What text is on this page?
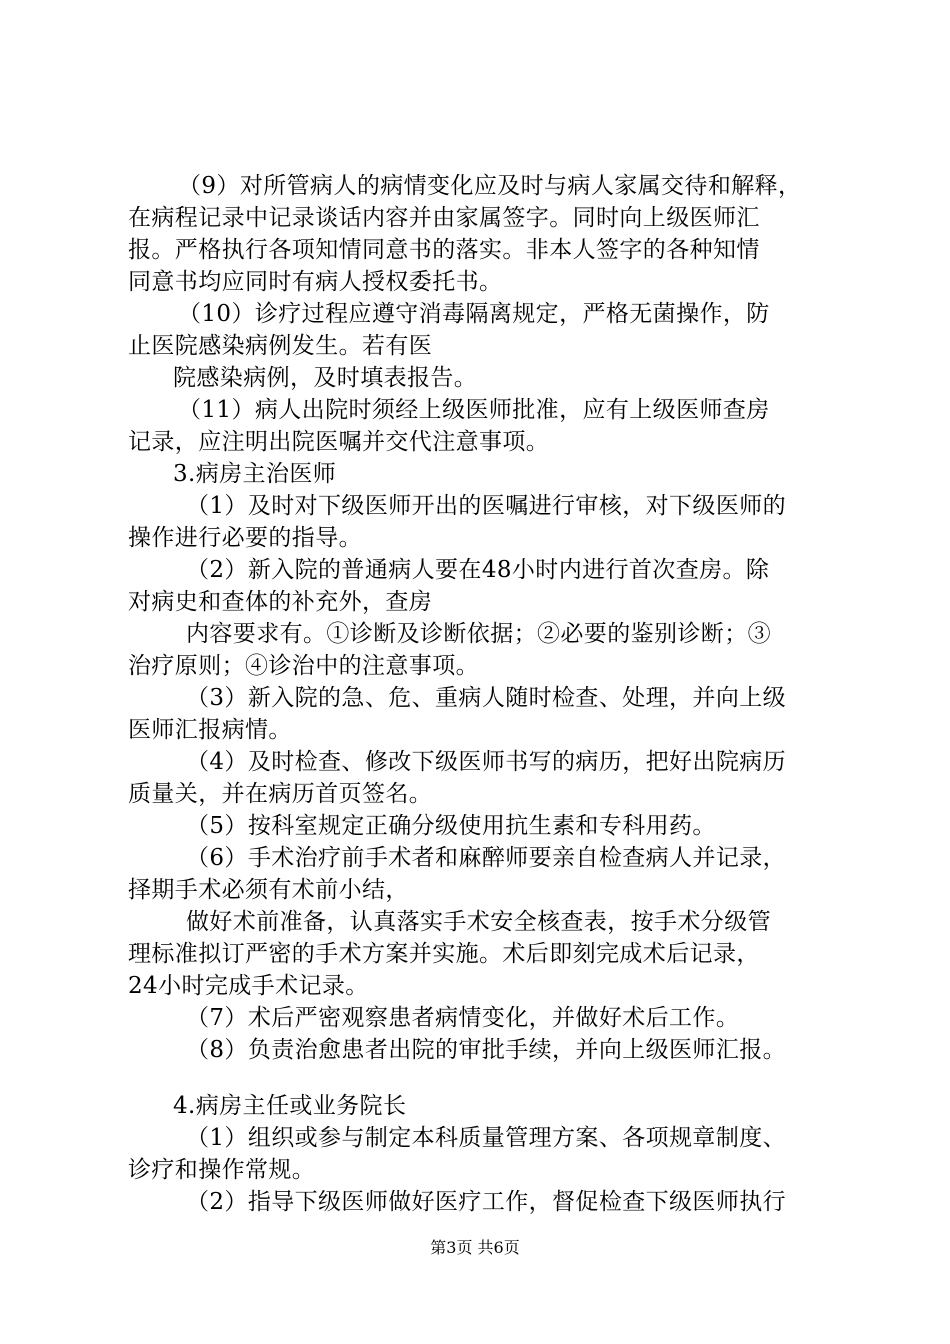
（9）对所管病人的病情变化应及时与病人家属交待和解释，
在病程记录中记录谈话内容并由家属签字。同时向上级医师汇
报。严格执行各项知情同意书的落实。非本人签字的各种知情
同意书均应同时有病人授权委托书。
（10）诊疗过程应遵守消毒隔离规定，严格无菌操作，防
止医院感染病例发生。若有医
院感染病例，及时填表报告。
（11）病人出院时须经上级医师批准，应有上级医师查房
记录，应注明出院医嘱并交代注意事项。
3.病房主治医师
（1）及时对下级医师开出的医嘱进行审核，对下级医师的
操作进行必要的指导。
（2）新入院的普通病人要在48小时内进行首次查房。除
对病史和查体的补充外，查房
内容要求有。①诊断及诊断依据；②必要的鉴别诊断；③
治疗原则；④诊治中的注意事项。
（3）新入院的急、危、重病人随时检查、处理，并向上级
医师汇报病情。
（4）及时检查、修改下级医师书写的病历，把好出院病历
质量关，并在病历首页签名。
（5）按科室规定正确分级使用抗生素和专科用药。
（6）手术治疗前手术者和麻醉师要亲自检查病人并记录，
择期手术必须有术前小结，
做好术前准备，认真落实手术安全核查表，按手术分级管
理标准拟订严密的手术方案并实施。术后即刻完成术后记录，
24小时完成手术记录。
（7）术后严密观察患者病情变化，并做好术后工作。
（8）负责治愈患者出院的审批手续，并向上级医师汇报。
4.病房主任或业务院长
（1）组织或参与制定本科质量管理方案、各项规章制度、
诊疗和操作常规。
（2）指导下级医师做好医疗工作，督促检查下级医师执行
第3页 共6页
